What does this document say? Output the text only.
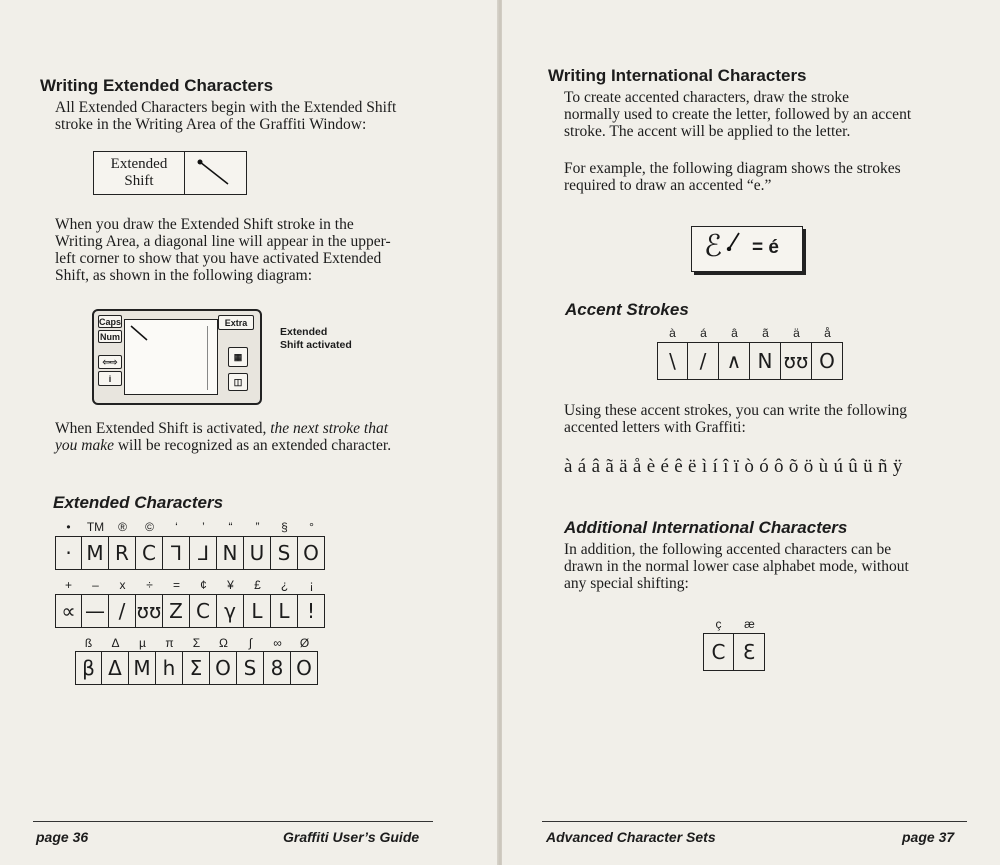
Writing Extended Characters

All Extended Characters begin with the Extended Shift

stroke in the Writing Area of the Graffiti Window:

Extended
Shift

When you draw the Extended Shift stroke in the

Writing Area, a diagonal line will appear in the upper-

left corner to show that you have activated Extended

Shift, as shown in the following diagram:

Caps
Num
⇦⇨
i
Extra
▦
◫
Extended
Shift activated

When Extended Shift is activated, the next stroke that

you make will be recognized as an extended character.

Extended Characters
•	TM	®	©	‘	’	“	”	§	°
· M R C ᒣ ᒧ N U S O
+	–	x	÷	=	¢	¥	£	¿	¡
∝ — / ʊʊ Z C γ L L !
ß	Δ	µ	π	Σ	Ω	∫	∞	Ø
β Δ M h Σ O S 8 O
page 36	Graffiti User’s Guide
Writing International Characters

To create accented characters, draw the stroke

normally used to create the letter, followed by an accent

stroke. The accent will be applied to the letter.

For example, the following diagram shows the strokes

required to draw an accented “e.”

ℰ = é
Accent Strokes
à	á	â	ã	ä	å
\	/	∧ N ʊʊ O

Using these accent strokes, you can write the following

accented letters with Graffiti:

à á â ã ä å è é ê ë ì í î ï ò ó ô õ ö ù ú û ü ñ ÿ

Additional International Characters

In addition, the following accented characters can be

drawn in the normal lower case alphabet mode, without

any special shifting:

ç	æ
C Ɛ
Advanced Character Sets	page 37
